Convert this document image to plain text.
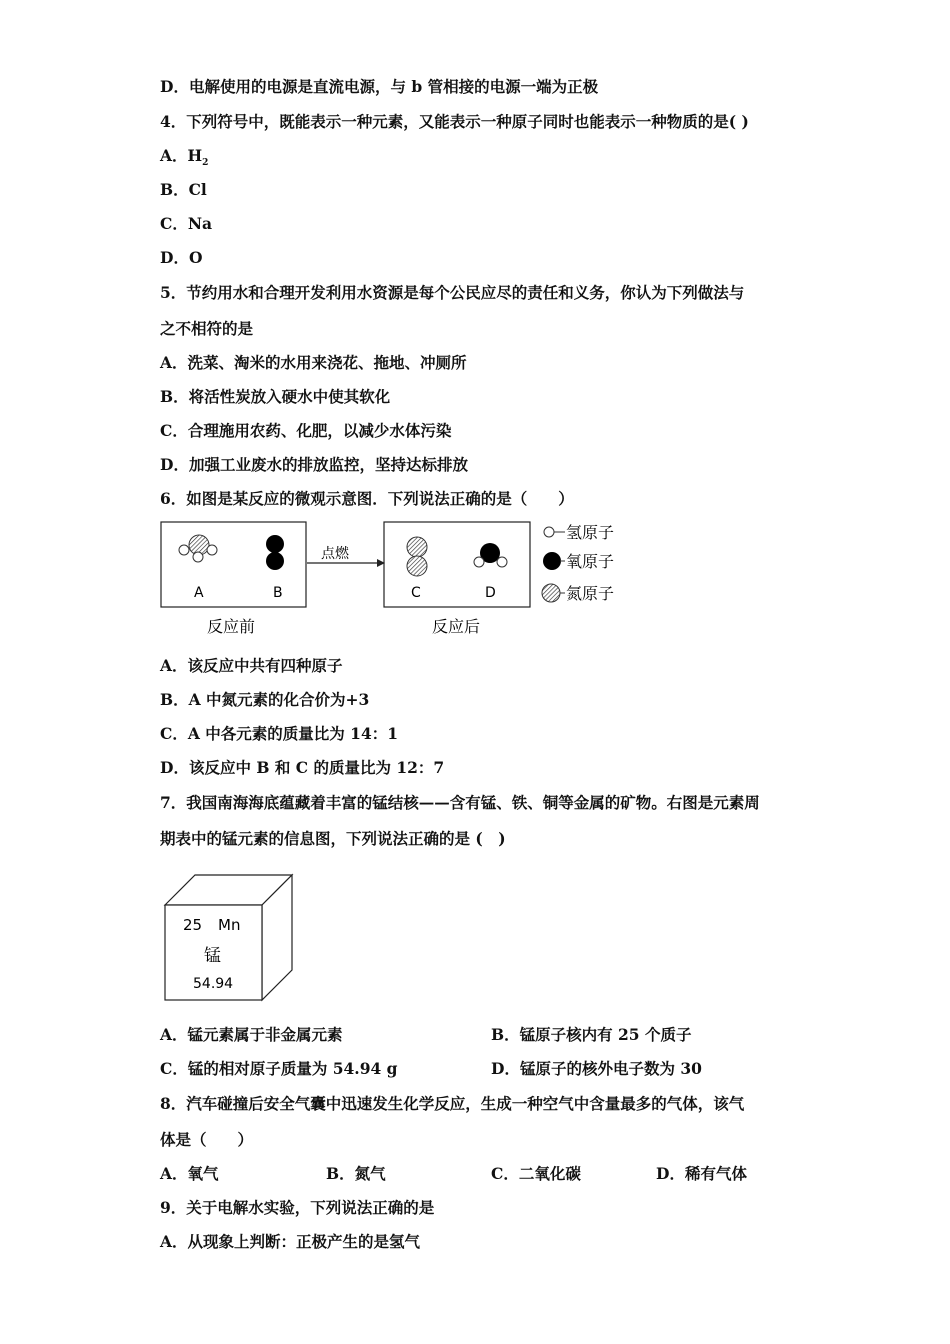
D．电解使用的电源是直流电源，与 b 管相接的电源一端为正极
4．下列符号中，既能表示一种元素，又能表示一种原子同时也能表示一种物质的是( )
A．$H_2$
B．Cl
C．Na
D．O
5．节约用水和合理开发利用水资源是每个公民应尽的责任和义务，你认为下列做法与
之不相符的是
A．洗菜、淘米的水用来浇花、拖地、冲厕所
B．将活性炭放入硬水中使其软化
C．合理施用农药、化肥，以减少水体污染
D．加强工业废水的排放监控，坚持达标排放
6．如图是某反应的微观示意图．下列说法正确的是（　　）
A	B
点燃
C	D
反应前	反应后
氢原子
氧原子
氮原子
A．该反应中共有四种原子
B．A 中氮元素的化合价为+3
C．A 中各元素的质量比为 14：1
D．该反应中 B 和 C 的质量比为 12：7
7．我国南海海底蕴藏着丰富的锰结核——含有锰、铁、铜等金属的矿物。右图是元素周
期表中的锰元素的信息图，下列说法正确的是 (　)
25 Mn
锰
54.94
A．锰元素属于非金属元素	B．锰原子核内有 25 个质子
C．锰的相对原子质量为 54.94 g	D．锰原子的核外电子数为 30
8．汽车碰撞后安全气囊中迅速发生化学反应，生成一种空气中含量最多的气体，该气
体是（　　）
A．氧气	B．氮气	C．二氧化碳	D．稀有气体
9．关于电解水实验，下列说法正确的是
A．从现象上判断：正极产生的是氢气
